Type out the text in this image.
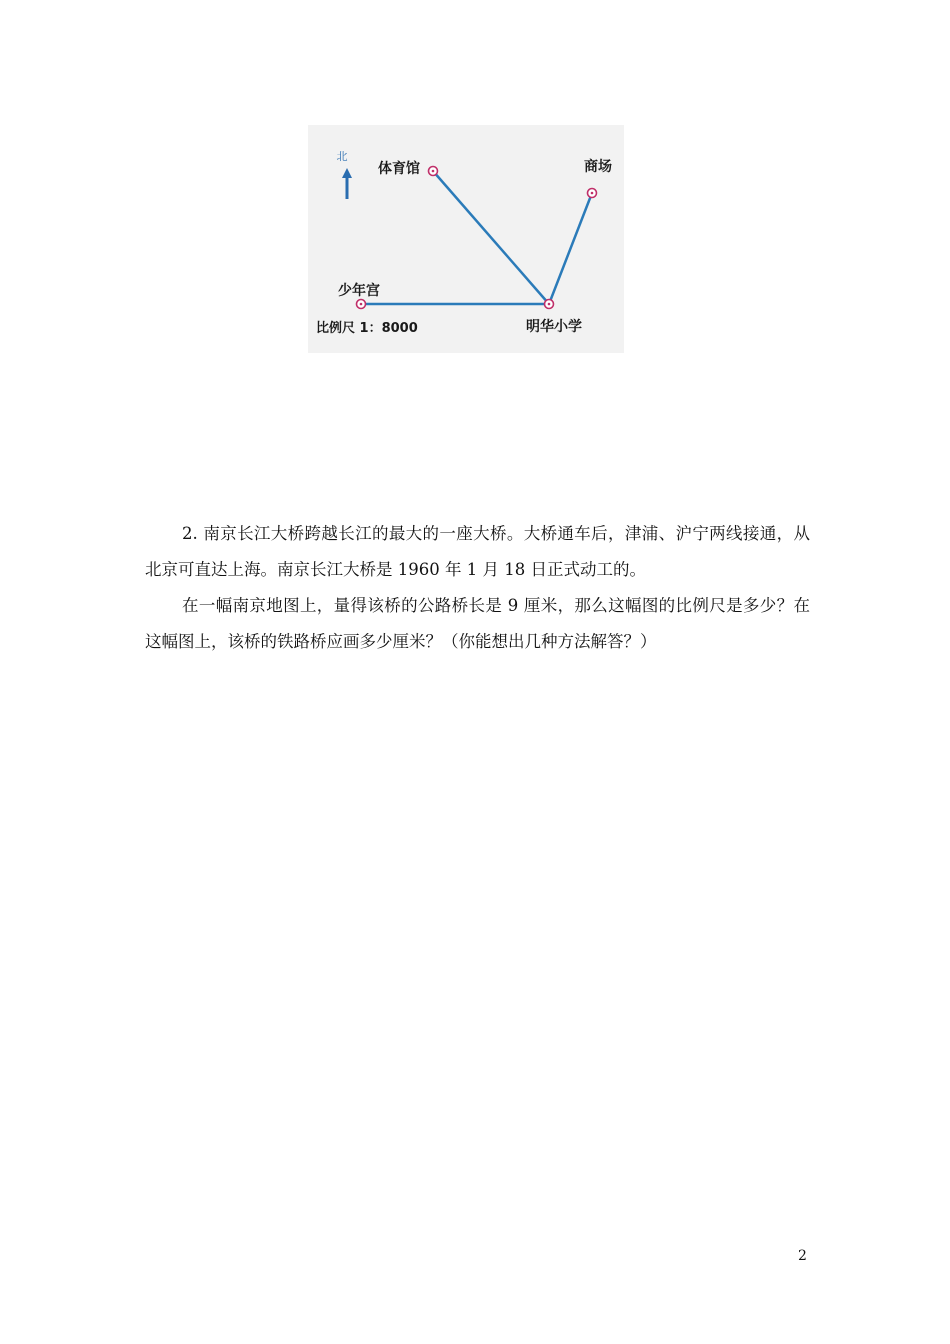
北
体育馆	商场
少年宫
明华小学
比例尺 1：8000

2. 南京长江大桥跨越长江的最大的一座大桥。大桥通车后，津浦、沪宁两线接通，从北京可直达上海。南京长江大桥是 1960 年 1 月 18 日正式动工的。

在一幅南京地图上，量得该桥的公路桥长是 9 厘米，那么这幅图的比例尺是多少？在这幅图上，该桥的铁路桥应画多少厘米？（你能想出几种方法解答？）

2
